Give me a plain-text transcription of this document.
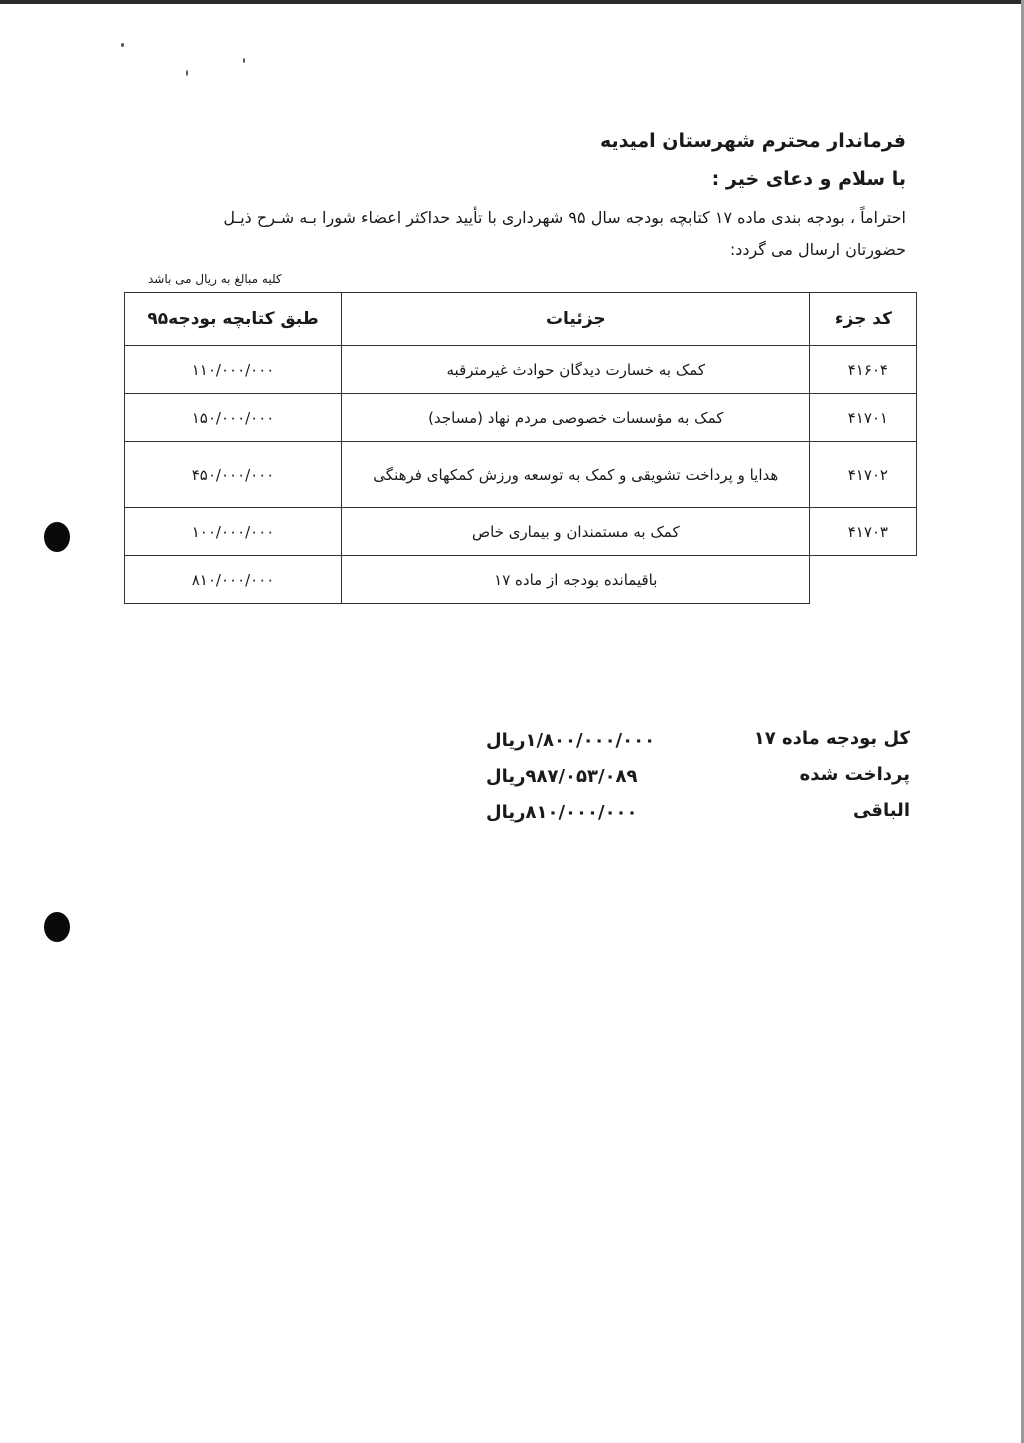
فرماندار محترم شهرستان امیدیه
با سلام و دعای خیر :
احتراماً ، بودجه بندی ماده ۱۷ کتابچه بودجه سال ۹۵ شهرداری با تأیید حداکثر اعضاء شورا بـه شـرح ذیـل
حضورتان ارسال می گردد:
کلیه مبالغ به ریال می باشد
کد جزء	جزئیات	طبق کتابچه بودجه۹۵
۴۱۶۰۴	کمک به خسارت دیدگان حوادث غیرمترقبه	۱۱۰/۰۰۰/۰۰۰
۴۱۷۰۱	کمک به مؤسسات خصوصی مردم نهاد (مساجد)	۱۵۰/۰۰۰/۰۰۰
۴۱۷۰۲	هدایا و پرداخت تشویقی و کمک به توسعه ورزش کمکهای فرهنگی	۴۵۰/۰۰۰/۰۰۰
۴۱۷۰۳	کمک به مستمندان و بیماری خاص	۱۰۰/۰۰۰/۰۰۰
	باقیمانده بودجه از ماده ۱۷	۸۱۰/۰۰۰/۰۰۰
کل بودجه ماده ۱۷
۱/۸۰۰/۰۰۰/۰۰۰ریال
پرداخت شده
۹۸۷/۰۵۳/۰۸۹ریال
الباقی
۸۱۰/۰۰۰/۰۰۰ریال
